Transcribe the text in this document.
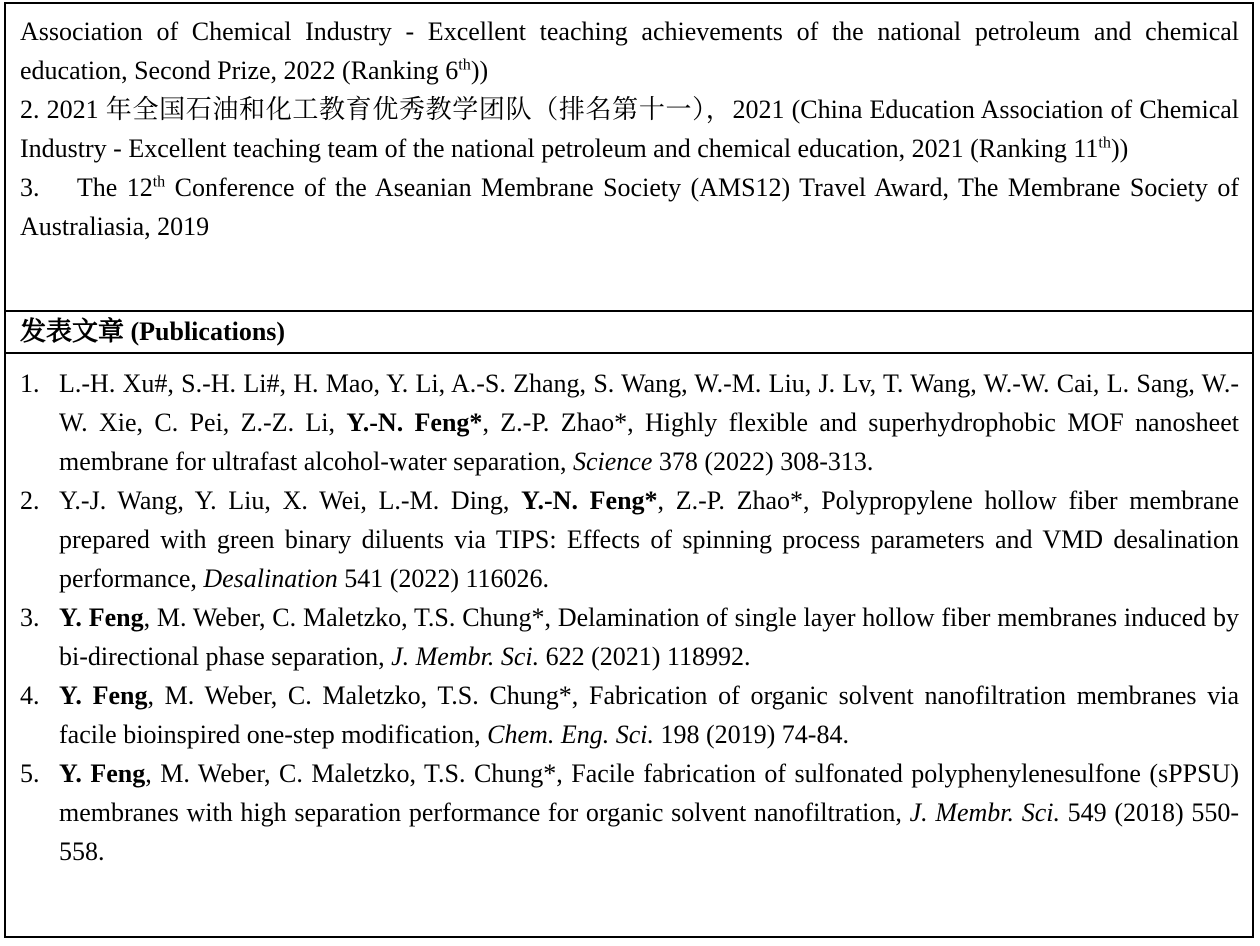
Association of Chemical Industry - Excellent teaching achievements of the national petroleum and chemical education, Second Prize, 2022 (Ranking 6th))

2. 2021 年全国石油和化工教育优秀教学团队（排名第十一），2021 (China Education Association of Chemical Industry - Excellent teaching team of the national petroleum and chemical education, 2021 (Ranking 11th))

3.    The 12th Conference of the Aseanian Membrane Society (AMS12) Travel Award, The Membrane Society of Australiasia, 2019

发表文章 (Publications)
1. L.-H. Xu#, S.-H. Li#, H. Mao, Y. Li, A.-S. Zhang, S. Wang, W.-M. Liu, J. Lv, T. Wang, W.-W. Cai, L. Sang, W.-W. Xie, C. Pei, Z.-Z. Li, Y.-N. Feng*, Z.-P. Zhao*, Highly flexible and superhydrophobic MOF nanosheet membrane for ultrafast alcohol-water separation, Science 378 (2022) 308-313.
2. Y.-J. Wang, Y. Liu, X. Wei, L.-M. Ding, Y.-N. Feng*, Z.-P. Zhao*, Polypropylene hollow fiber membrane prepared with green binary diluents via TIPS: Effects of spinning process parameters and VMD desalination performance, Desalination 541 (2022) 116026.
3. Y. Feng, M. Weber, C. Maletzko, T.S. Chung*, Delamination of single layer hollow fiber membranes induced by bi-directional phase separation, J. Membr. Sci. 622 (2021) 118992.
4. Y. Feng, M. Weber, C. Maletzko, T.S. Chung*, Fabrication of organic solvent nanofiltration membranes via facile bioinspired one-step modification, Chem. Eng. Sci. 198 (2019) 74-84.
5. Y. Feng, M. Weber, C. Maletzko, T.S. Chung*, Facile fabrication of sulfonated polyphenylenesulfone (sPPSU) membranes with high separation performance for organic solvent nanofiltration, J. Membr. Sci. 549 (2018) 550-558.
